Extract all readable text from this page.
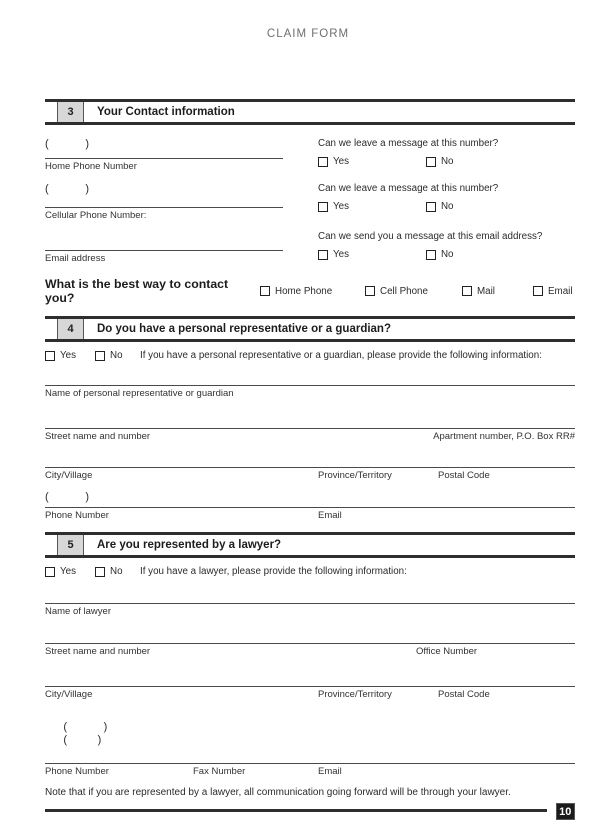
CLAIM FORM
3	Your Contact information
(            )
Home Phone Number
Can we leave a message at this number?
Yes	No
(            )
Cellular Phone Number:
Can we leave a message at this number?
Yes	No
Email address
Can we send you a message at this email address?
Yes	No
What is the best way to contact you?	Home Phone	Cell Phone	Mail	Email
4	Do you have a personal representative or a guardian?
Yes	No If you have a personal representative or a guardian, please provide the following information:
Name of personal representative or guardian
Street name and number	Apartment number, P.O. Box RR#
City/Village	Province/Territory	Postal Code
(            )
Phone Number	Email
5	Are you represented by a lawyer?
Yes	No If you have a lawyer, please provide the following information:
Name of lawyer
Street name and number	Office Number
City/Village	Province/Territory	Postal Code

(            )
(          )

Phone Number	Fax Number	Email
Note that if you are represented by a lawyer, all communication going forward will be through your lawyer.
10
